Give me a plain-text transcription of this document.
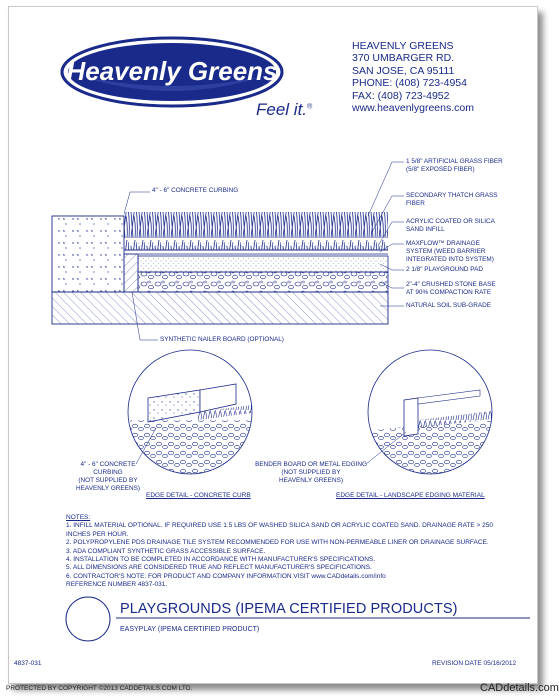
Heavenly Greens
Feel it.®
HEAVENLY GREENS
370 UMBARGER RD.
SAN JOSE, CA 95111
PHONE: (408) 723-4954
FAX: (408) 723-4952
www.heavenlygreens.com
4" - 6" CONCRETE CURBING
1 5/8" ARTIFICIAL GRASS FIBER
(5/8" EXPOSED FIBER)
SECONDARY THATCH GRASS
FIBER
ACRYLIC COATED OR SILICA
SAND INFILL
MAXFLOW™ DRAINAGE
SYSTEM (WEED BARRIER
INTEGRATED INTO SYSTEM)
2 1/8" PLAYGROUND PAD
2"-4" CRUSHED STONE BASE
AT 90% COMPACTION RATE
NATURAL SOIL SUB-GRADE
SYNTHETIC NAILER BOARD (OPTIONAL)
4" - 6" CONCRETE CURBING
(NOT SUPPLIED BY
HEAVENLY GREENS)
EDGE DETAIL - CONCRETE CURB
BENDER BOARD OR METAL EDGING
(NOT SUPPLIED BY
HEAVENLY GREENS)
EDGE DETAIL - LANDSCAPE EDGING MATERIAL
NOTES:
1. INFILL MATERIAL OPTIONAL. IF REQUIRED USE 1.5 LBS OF WASHED SILICA SAND OR ACRYLIC COATED SAND. DRAINAGE RATE > 250
INCHES PER HOUR.
2. POLYPROPYLENE PDS DRAINAGE TILE SYSTEM RECOMMENDED FOR USE WITH NON-PERMEABLE LINER OR DRAINAGE SURFACE.
3. ADA COMPLIANT SYNTHETIC GRASS ACCESSIBLE SURFACE.
4. INSTALLATION TO BE COMPLETED IN ACCORDANCE WITH MANUFACTURER'S SPECIFICATIONS.
5. ALL DIMENSIONS ARE CONSIDERED TRUE AND REFLECT MANUFACTURER'S SPECIFICATIONS.
6. CONTRACTOR'S NOTE: FOR PRODUCT AND COMPANY INFORMATION VISIT www.CADdetails.com/info
REFERENCE NUMBER 4837-031.
PLAYGROUNDS (IPEMA CERTIFIED PRODUCTS)
EASYPLAY (IPEMA CERTIFIED PRODUCT)
4837-031	REVISION DATE 05/16/2012
PROTECTED BY COPYRIGHT ©2013 CADDETAILS.COM LTD.	CADdetails.com
